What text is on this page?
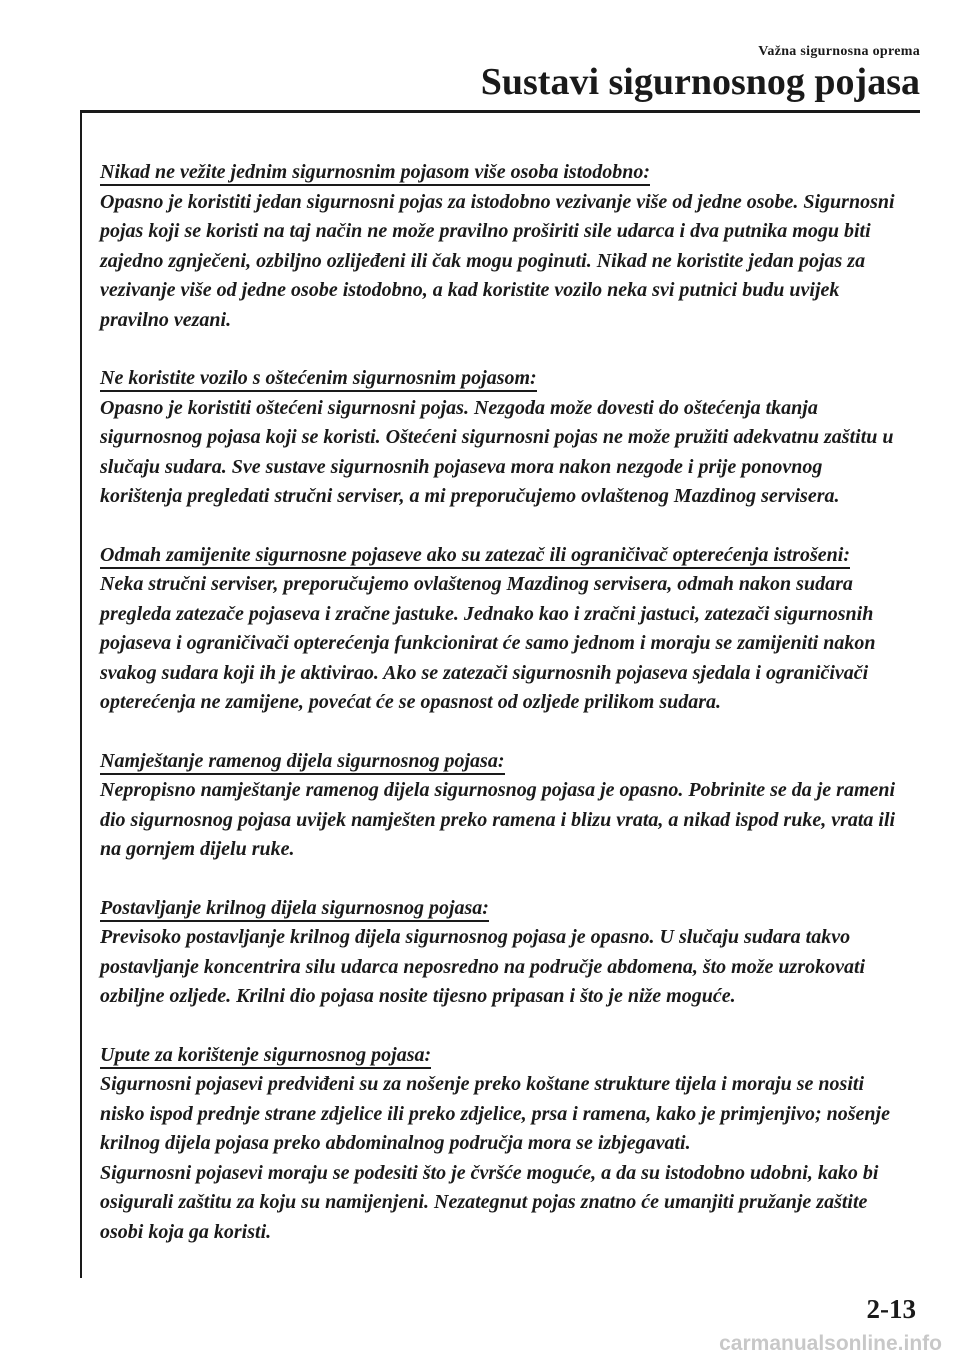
Važna sigurnosna oprema
Sustavi sigurnosnog pojasa

Nikad ne vežite jednim sigurnosnim pojasom više osoba istodobno:

Opasno je koristiti jedan sigurnosni pojas za istodobno vezivanje više od jedne osobe. Sigurnosni pojas koji se koristi na taj način ne može pravilno proširiti sile udarca i dva putnika mogu biti zajedno zgnječeni, ozbiljno ozlijeđeni ili čak mogu poginuti. Nikad ne koristite jedan pojas za vezivanje više od jedne osobe istodobno, a kad koristite vozilo neka svi putnici budu uvijek pravilno vezani.

Ne koristite vozilo s oštećenim sigurnosnim pojasom:

Opasno je koristiti oštećeni sigurnosni pojas. Nezgoda može dovesti do oštećenja tkanja sigurnosnog pojasa koji se koristi. Oštećeni sigurnosni pojas ne može pružiti adekvatnu zaštitu u slučaju sudara. Sve sustave sigurnosnih pojaseva mora nakon nezgode i prije ponovnog korištenja pregledati stručni serviser, a mi preporučujemo ovlaštenog Mazdinog servisera.

Odmah zamijenite sigurnosne pojaseve ako su zatezač ili ograničivač opterećenja istrošeni:

Neka stručni serviser, preporučujemo ovlaštenog Mazdinog servisera, odmah nakon sudara pregleda zatezače pojaseva i zračne jastuke. Jednako kao i zračni jastuci, zatezači sigurnosnih pojaseva i ograničivači opterećenja funkcionirat će samo jednom i moraju se zamijeniti nakon svakog sudara koji ih je aktivirao. Ako se zatezači sigurnosnih pojaseva sjedala i ograničivači opterećenja ne zamijene, povećat će se opasnost od ozljede prilikom sudara.

Namještanje ramenog dijela sigurnosnog pojasa:

Nepropisno namještanje ramenog dijela sigurnosnog pojasa je opasno. Pobrinite se da je rameni dio sigurnosnog pojasa uvijek namješten preko ramena i blizu vrata, a nikad ispod ruke, vrata ili na gornjem dijelu ruke.

Postavljanje krilnog dijela sigurnosnog pojasa:

Previsoko postavljanje krilnog dijela sigurnosnog pojasa je opasno. U slučaju sudara takvo postavljanje koncentrira silu udarca neposredno na područje abdomena, što može uzrokovati ozbiljne ozljede. Krilni dio pojasa nosite tijesno pripasan i što je niže moguće.

Upute za korištenje sigurnosnog pojasa:

Sigurnosni pojasevi predviđeni su za nošenje preko koštane strukture tijela i moraju se nositi nisko ispod prednje strane zdjelice ili preko zdjelice, prsa i ramena, kako je primjenjivo; nošenje krilnog dijela pojasa preko abdominalnog područja mora se izbjegavati.

Sigurnosni pojasevi moraju se podesiti što je čvršće moguće, a da su istodobno udobni, kako bi osigurali zaštitu za koju su namijenjeni. Nezategnut pojas znatno će umanjiti pružanje zaštite osobi koja ga koristi.

2-13
carmanualsonline.info
